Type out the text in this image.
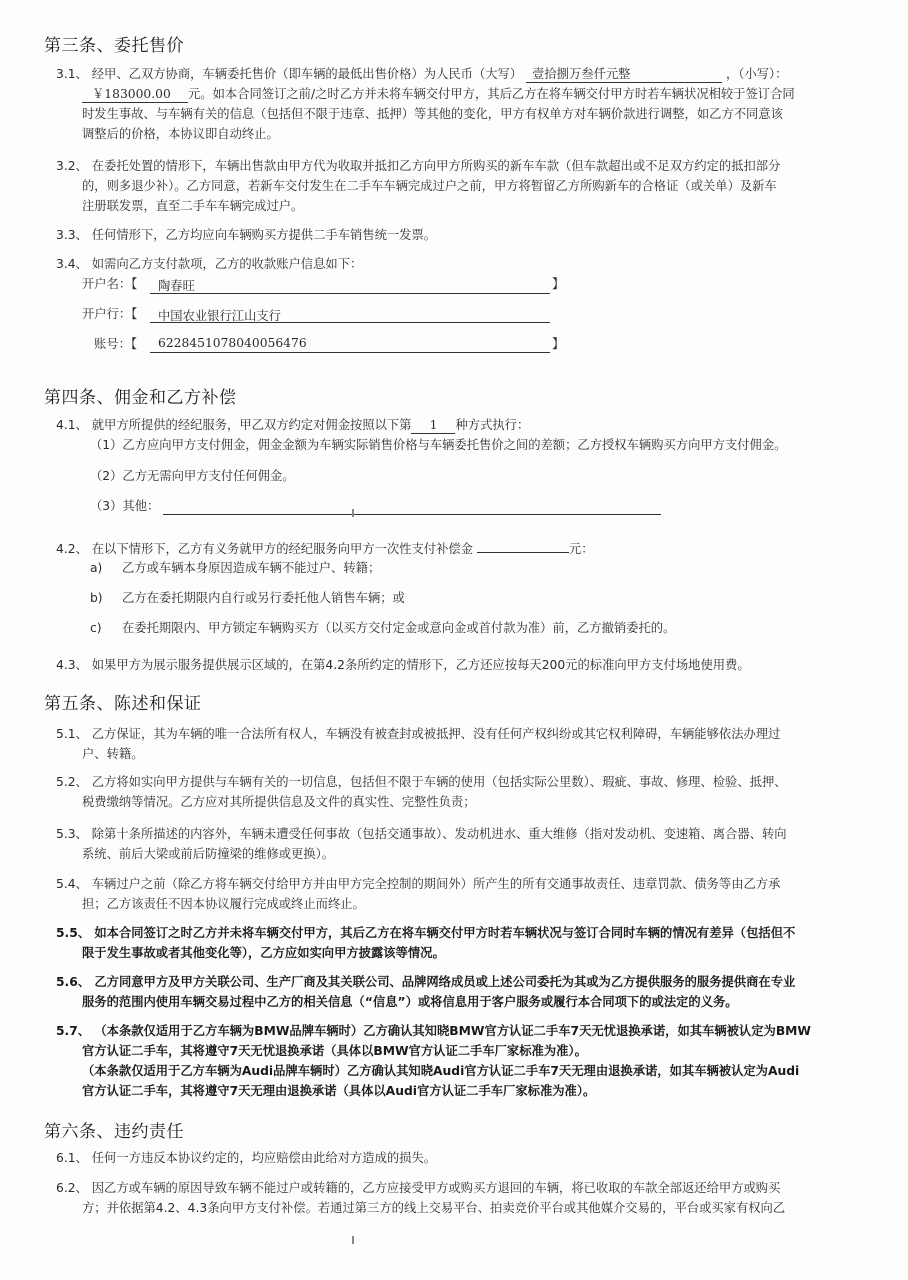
第三条、委托售价
3.1、 经甲、乙双方协商，车辆委托售价（即车辆的最低出售价格）为人民币（大写） 壹拾捌万叁仟元整	，（小写）：
￥183000.00 元。如本合同签订之前/之时乙方并未将车辆交付甲方，其后乙方在将车辆交付甲方时若车辆状况相较于签订合同
时发生事故、与车辆有关的信息（包括但不限于违章、抵押）等其他的变化，甲方有权单方对车辆价款进行调整，如乙方不同意该
调整后的价格，本协议即自动终止。
3.2、 在委托处置的情形下，车辆出售款由甲方代为收取并抵扣乙方向甲方所购买的新车车款（但车款超出或不足双方约定的抵扣部分
的，则多退少补）。乙方同意，若新车交付发生在二手车车辆完成过户之前，甲方将暂留乙方所购新车的合格证（或关单）及新车
注册联发票，直至二手车车辆完成过户。
3.3、 任何情形下，乙方均应向车辆购买方提供二手车销售统一发票。
3.4、 如需向乙方支付款项，乙方的收款账户信息如下：
开户名：【 陶春旺	】
开户行：【 中国农业银行江山支行
账号：【 6228451078040056476	】
第四条、佣金和乙方补偿
4.1、 就甲方所提供的经纪服务，甲乙双方约定对佣金按照以下第 1 种方式执行：
（1）乙方应向甲方支付佣金，佣金金额为车辆实际销售价格与车辆委托售价之间的差额；乙方授权车辆购买方向甲方支付佣金。
（2）乙方无需向甲方支付任何佣金。
（3）其他：
4.2、 在以下情形下，乙方有义务就甲方的经纪服务向甲方一次性支付补偿金	元：
a) 乙方或车辆本身原因造成车辆不能过户、转籍；
b) 乙方在委托期限内自行或另行委托他人销售车辆；或
c) 在委托期限内、甲方锁定车辆购买方（以买方交付定金或意向金或首付款为准）前，乙方撤销委托的。
4.3、 如果甲方为展示服务提供展示区域的，在第4.2条所约定的情形下，乙方还应按每天200元的标准向甲方支付场地使用费。
第五条、陈述和保证
5.1、 乙方保证，其为车辆的唯一合法所有权人，车辆没有被查封或被抵押、没有任何产权纠纷或其它权利障碍，车辆能够依法办理过
户、转籍。
5.2、 乙方将如实向甲方提供与车辆有关的一切信息，包括但不限于车辆的使用（包括实际公里数）、瑕疵、事故、修理、检验、抵押、
税费缴纳等情况。乙方应对其所提供信息及文件的真实性、完整性负责；
5.3、 除第十条所描述的内容外，车辆未遭受任何事故（包括交通事故）、发动机进水、重大维修（指对发动机、变速箱、离合器、转向
系统、前后大梁或前后防撞梁的维修或更换）。
5.4、 车辆过户之前（除乙方将车辆交付给甲方并由甲方完全控制的期间外）所产生的所有交通事故责任、违章罚款、债务等由乙方承
担；乙方该责任不因本协议履行完成或终止而终止。
5.5、 如本合同签订之时乙方并未将车辆交付甲方，其后乙方在将车辆交付甲方时若车辆状况与签订合同时车辆的情况有差异（包括但不
限于发生事故或者其他变化等），乙方应如实向甲方披露该等情况。
5.6、 乙方同意甲方及甲方关联公司、生产厂商及其关联公司、品牌网络成员或上述公司委托为其或为乙方提供服务的服务提供商在专业
服务的范围内使用车辆交易过程中乙方的相关信息（“信息”）或将信息用于客户服务或履行本合同项下的或法定的义务。
5.7、 （本条款仅适用于乙方车辆为BMW品牌车辆时）乙方确认其知晓BMW官方认证二手车7天无忧退换承诺，如其车辆被认定为BMW
官方认证二手车，其将遵守7天无忧退换承诺（具体以BMW官方认证二手车厂家标准为准）。
（本条款仅适用于乙方车辆为Audi品牌车辆时）乙方确认其知晓Audi官方认证二手车7天无理由退换承诺，如其车辆被认定为Audi
官方认证二手车，其将遵守7天无理由退换承诺（具体以Audi官方认证二手车厂家标准为准）。
第六条、违约责任
6.1、 任何一方违反本协议约定的，均应赔偿由此给对方造成的损失。
6.2、 因乙方或车辆的原因导致车辆不能过户或转籍的，乙方应接受甲方或购买方退回的车辆，将已收取的车款全部返还给甲方或购买
方；并依据第4.2、4.3条向甲方支付补偿。若通过第三方的线上交易平台、拍卖竞价平台或其他媒介交易的，平台或买家有权向乙
